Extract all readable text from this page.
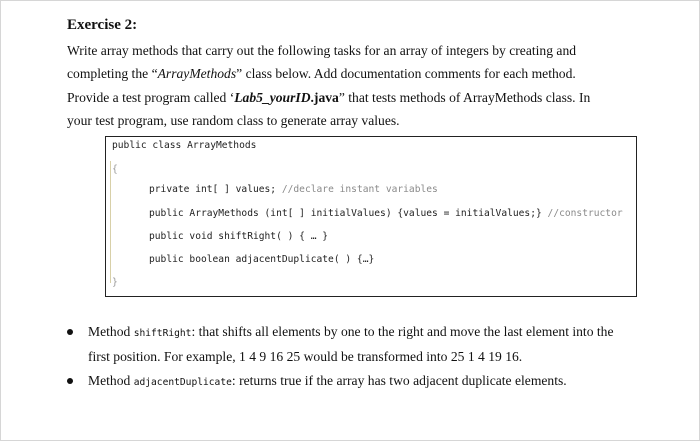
Exercise 2:
Write array methods that carry out the following tasks for an array of integers by creating and
completing the “ArrayMethods” class below. Add documentation comments for each method.
Provide a test program called ‘Lab5_yourID.java” that tests methods of ArrayMethods class. In
your test program, use random class to generate array values.
public class ArrayMethods
{
private int[ ] values; //declare instant variables
public ArrayMethods (int[ ] initialValues) {values = initialValues;} //constructor
public void shiftRight( ) { … }
public boolean adjacentDuplicate( ) {…}
}
Method shiftRight: that shifts all elements by one to the right and move the last element into the
first position. For example, 1 4 9 16 25 would be transformed into 25 1 4 19 16.
Method adjacentDuplicate: returns true if the array has two adjacent duplicate elements.
